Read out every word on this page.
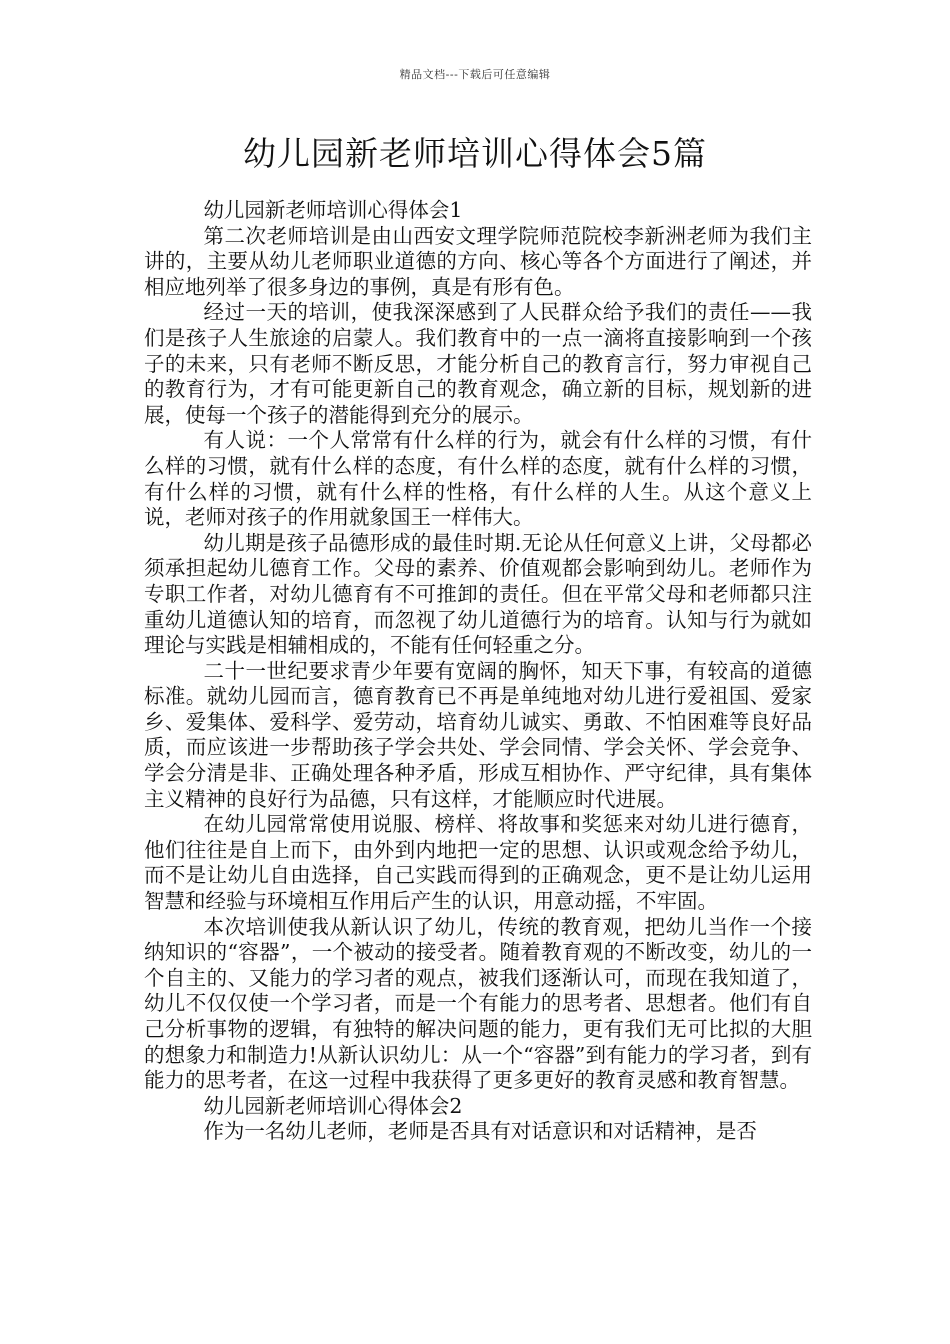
精品文档---下载后可任意编辑
幼儿园新老师培训心得体会5篇

幼儿园新老师培训心得体会1

第二次老师培训是由山西安文理学院师范院校李新洲老师为我们主讲的，主要从幼儿老师职业道德的方向、核心等各个方面进行了阐述，并相应地列举了很多身边的事例，真是有形有色。

经过一天的培训，使我深深感到了人民群众给予我们的责任——我们是孩子人生旅途的启蒙人。我们教育中的一点一滴将直接影响到一个孩子的未来，只有老师不断反思，才能分析自己的教育言行，努力审视自己的教育行为，才有可能更新自己的教育观念，确立新的目标，规划新的进展，使每一个孩子的潜能得到充分的展示。

有人说：一个人常常有什么样的行为，就会有什么样的习惯，有什么样的习惯，就有什么样的态度，有什么样的态度，就有什么样的习惯，有什么样的习惯，就有什么样的性格，有什么样的人生。从这个意义上说，老师对孩子的作用就象国王一样伟大。

幼儿期是孩子品德形成的最佳时期.无论从任何意义上讲，父母都必须承担起幼儿德育工作。父母的素养、价值观都会影响到幼儿。老师作为专职工作者，对幼儿德育有不可推卸的责任。但在平常父母和老师都只注重幼儿道德认知的培育，而忽视了幼儿道德行为的培育。认知与行为就如理论与实践是相辅相成的，不能有任何轻重之分。

二十一世纪要求青少年要有宽阔的胸怀，知天下事，有较高的道德标准。就幼儿园而言，德育教育已不再是单纯地对幼儿进行爱祖国、爱家乡、爱集体、爱科学、爱劳动，培育幼儿诚实、勇敢、不怕困难等良好品质，而应该进一步帮助孩子学会共处、学会同情、学会关怀、学会竞争、学会分清是非、正确处理各种矛盾，形成互相协作、严守纪律，具有集体主义精神的良好行为品德，只有这样，才能顺应时代进展。

在幼儿园常常使用说服、榜样、将故事和奖惩来对幼儿进行德育，他们往往是自上而下，由外到内地把一定的思想、认识或观念给予幼儿，而不是让幼儿自由选择，自己实践而得到的正确观念，更不是让幼儿运用智慧和经验与环境相互作用后产生的认识，用意动摇，不牢固。

本次培训使我从新认识了幼儿，传统的教育观，把幼儿当作一个接纳知识的“容器”，一个被动的接受者。随着教育观的不断改变，幼儿的一个自主的、又能力的学习者的观点，被我们逐渐认可，而现在我知道了，幼儿不仅仅使一个学习者，而是一个有能力的思考者、思想者。他们有自己分析事物的逻辑，有独特的解决问题的能力，更有我们无可比拟的大胆的想象力和制造力!从新认识幼儿：从一个“容器”到有能力的学习者，到有能力的思考者，在这一过程中我获得了更多更好的教育灵感和教育智慧。

幼儿园新老师培训心得体会2

作为一名幼儿老师，老师是否具有对话意识和对话精神，是否
